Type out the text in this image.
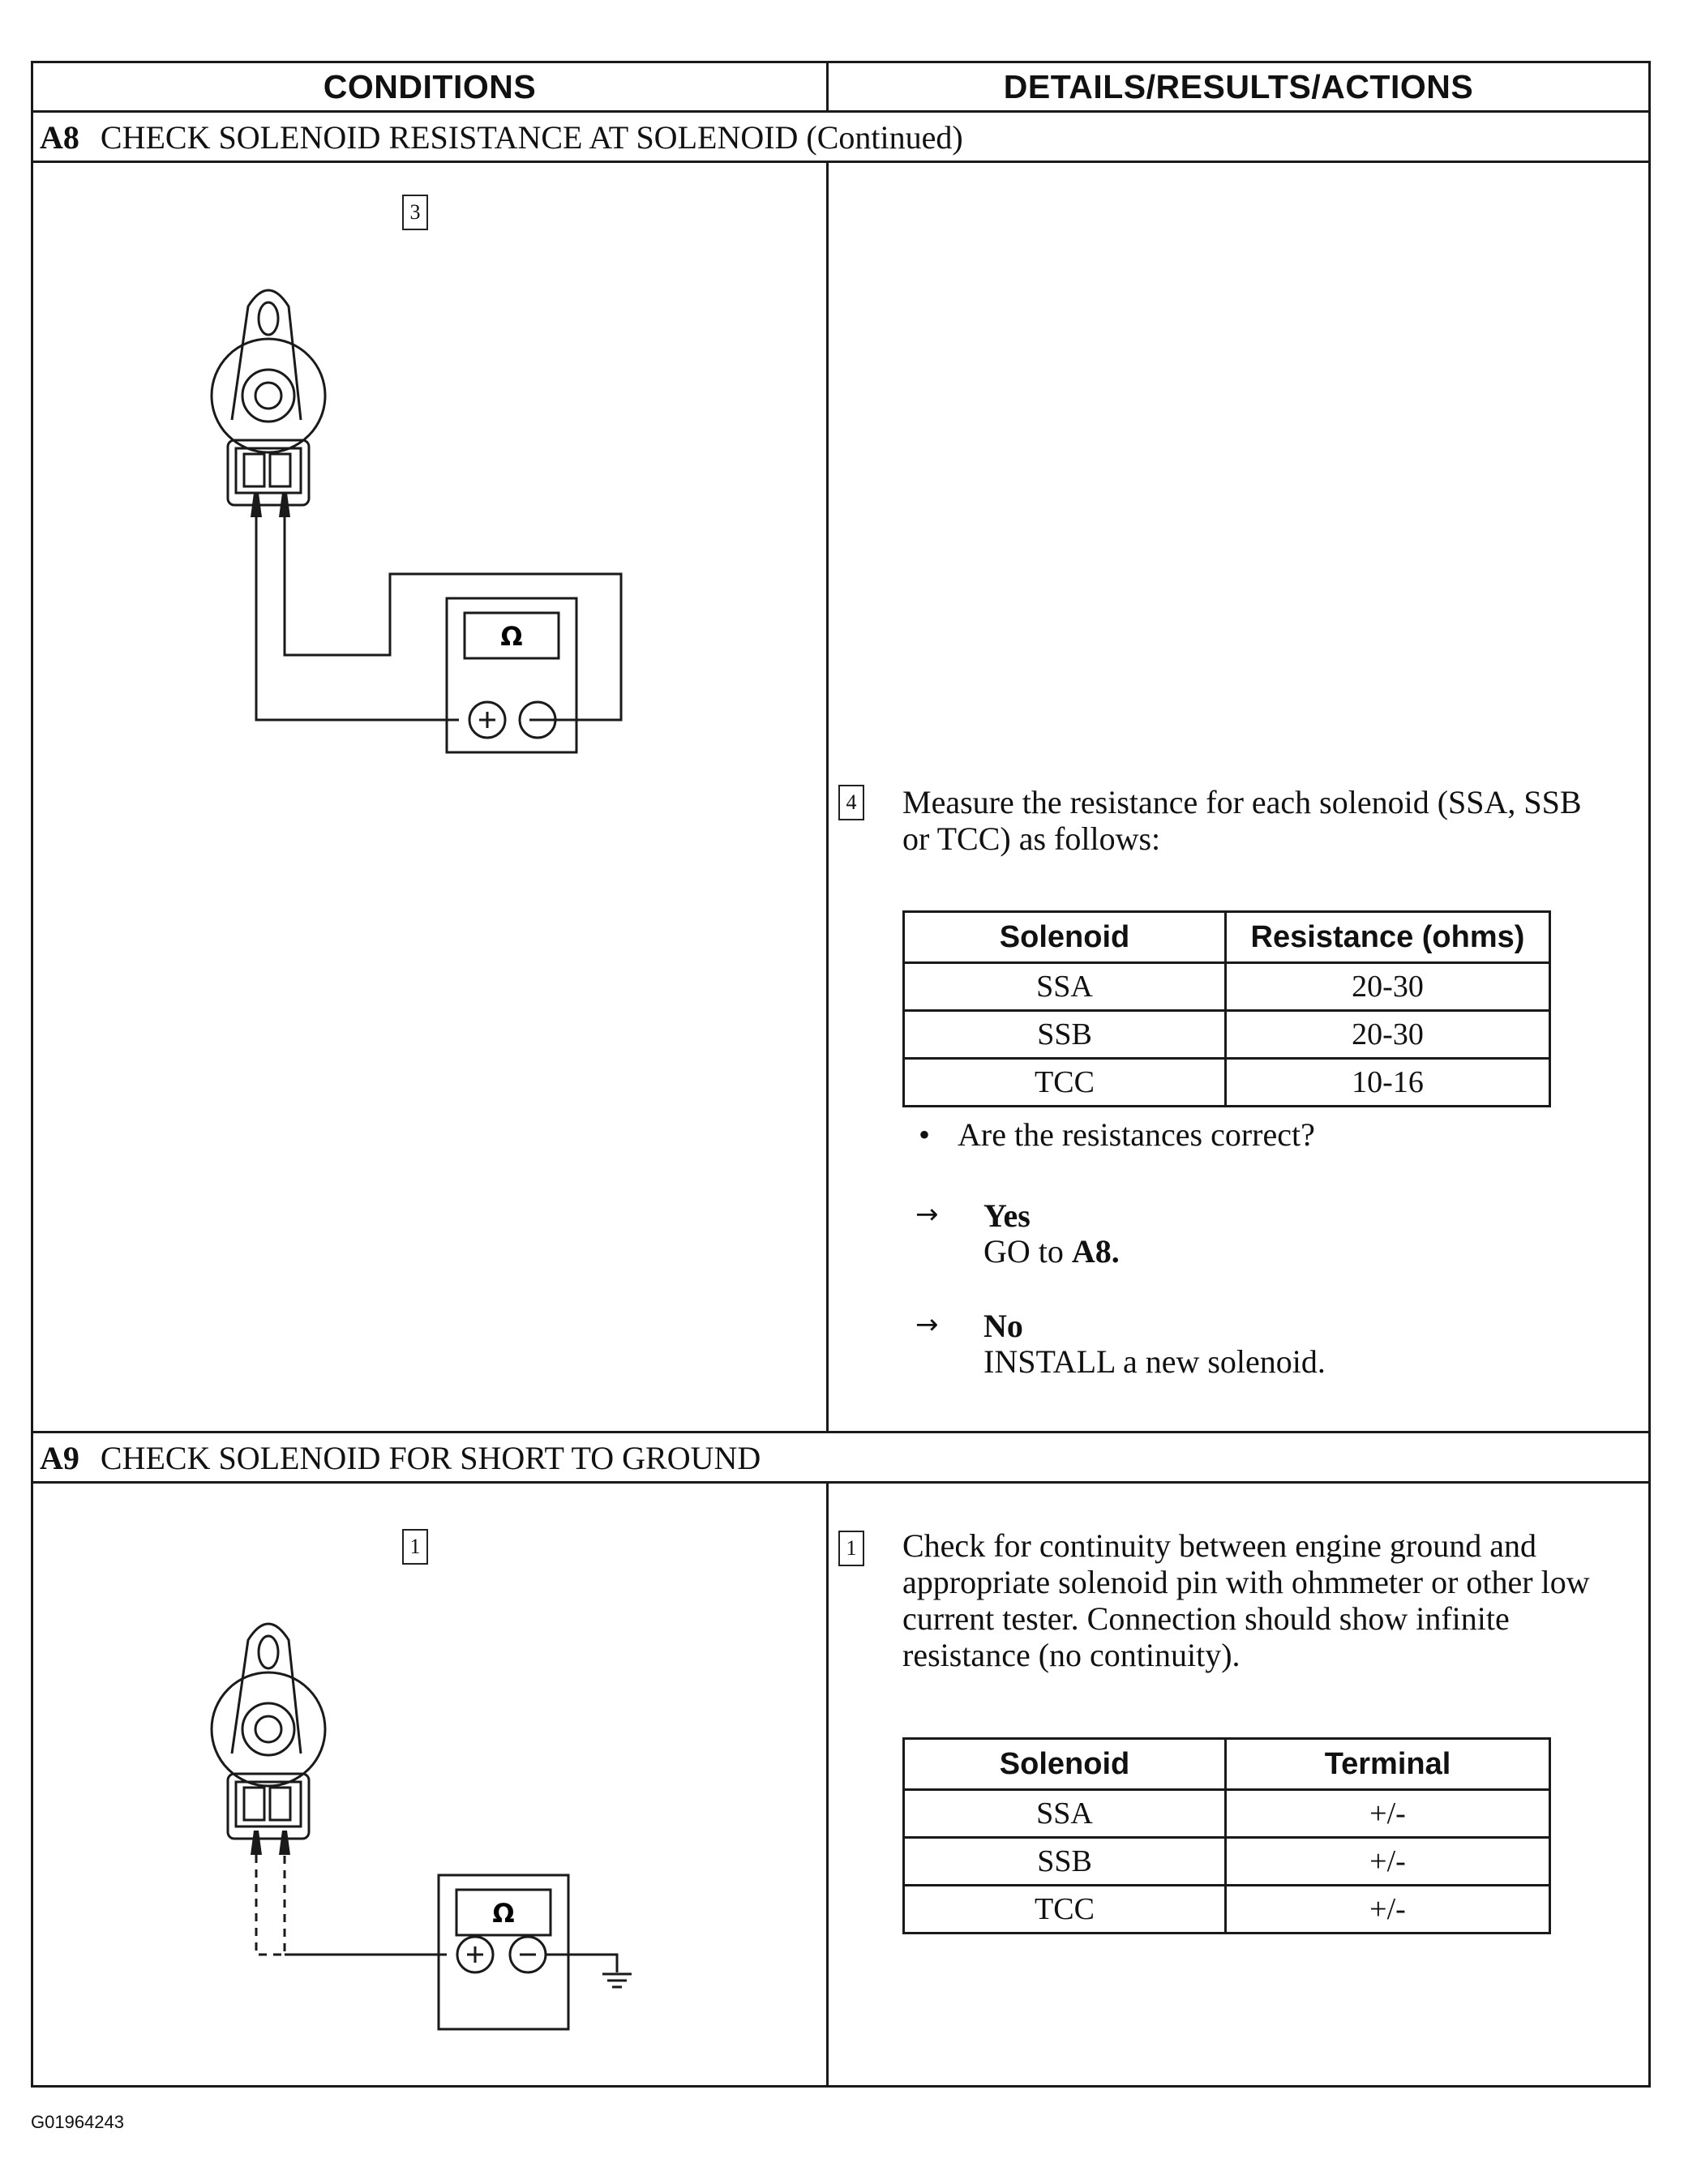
CONDITIONS	DETAILS/RESULTS/ACTIONS
A8 CHECK SOLENOID RESISTANCE AT SOLENOID (Continued)
3
Ω
4 Measure the resistance for each solenoid (SSA, SSB or TCC) as follows:
Solenoid	Resistance (ohms)
SSA	20-30
SSB	20-30
TCC	10-16
• Are the resistances correct?
→ Yes
GO to A8.
→ No
INSTALL a new solenoid.
A9 CHECK SOLENOID FOR SHORT TO GROUND
1
Ω
1 Check for continuity between engine ground and appropriate solenoid pin with ohmmeter or other low current tester. Connection should show infinite resistance (no continuity).
Solenoid	Terminal
SSA	+/-
SSB	+/-
TCC	+/-
G01964243
